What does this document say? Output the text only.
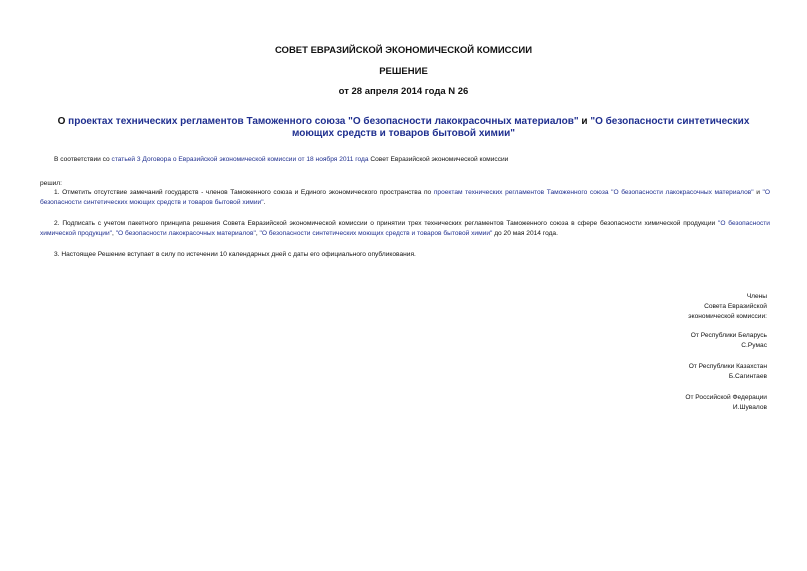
СОВЕТ ЕВРАЗИЙСКОЙ ЭКОНОМИЧЕСКОЙ КОМИССИИ
РЕШЕНИЕ
от 28 апреля 2014 года N 26
О проектах технических регламентов Таможенного союза "О безопасности лакокрасочных материалов" и "О безопасности синтетических моющих средств и товаров бытовой химии"
В соответствии со статьей 3 Договора о Евразийской экономической комиссии от 18 ноября 2011 года Совет Евразийской экономической комиссии
решил:
1. Отметить отсутствие замечаний государств - членов Таможенного союза и Единого экономического пространства по проектам технических регламентов Таможенного союза "О безопасности лакокрасочных материалов" и "О безопасности синтетических моющих средств и товаров бытовой химии".
2. Подписать с учетом пакетного принципа решения Совета Евразийской экономической комиссии о принятии трех технических регламентов Таможенного союза в сфере безопасности химической продукции "О безопасности химической продукции", "О безопасности лакокрасочных материалов", "О безопасности синтетических моющих средств и товаров бытовой химии" до 20 мая 2014 года.
3. Настоящее Решение вступает в силу по истечении 10 календарных дней с даты его официального опубликования.
Члены
Совета Евразийской
экономической комиссии:
От Республики Беларусь
С.Румас
От Республики Казахстан
Б.Сагинтаев
От Российской Федерации
И.Шувалов
